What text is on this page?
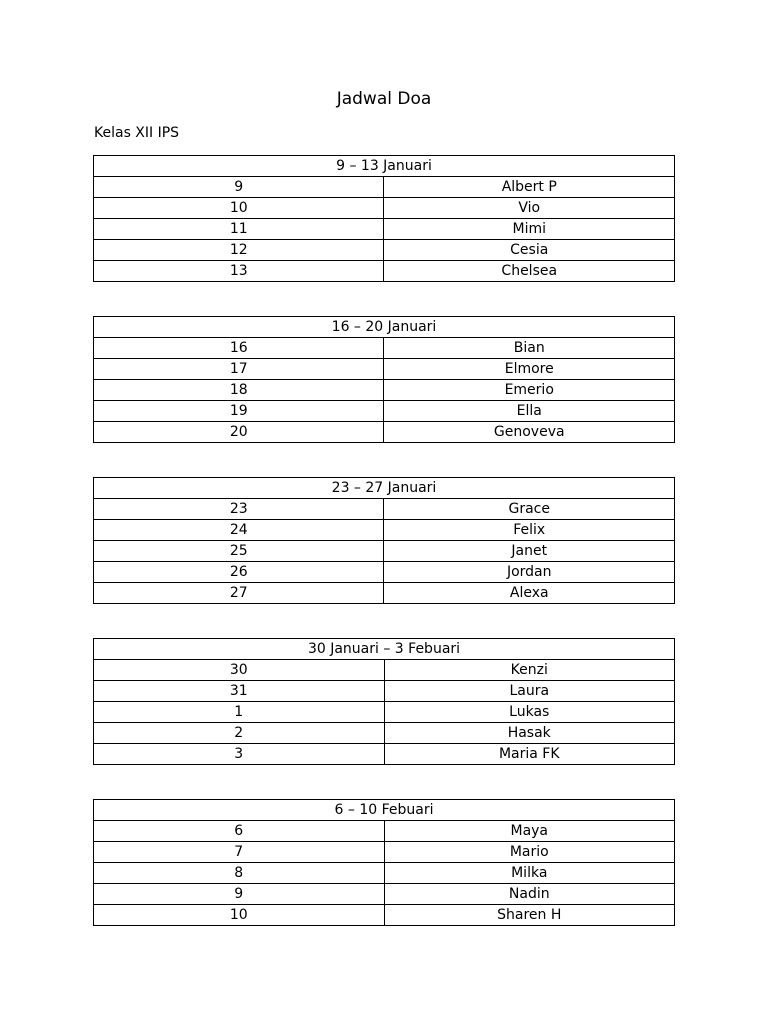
Jadwal Doa
Kelas XII IPS
9 – 13 Januari	
9	Albert P
10	Vio
11	Mimi
12	Cesia
13	Chelsea
16 – 20 Januari	
16	Bian
17	Elmore
18	Emerio
19	Ella
20	Genoveva
23 – 27 Januari	
23	Grace
24	Felix
25	Janet
26	Jordan
27	Alexa
30 Januari – 3 Febuari	
30	Kenzi
31	Laura
1	Lukas
2	Hasak
3	Maria FK
6 – 10 Febuari	
6	Maya
7	Mario
8	Milka
9	Nadin
10	Sharen H
